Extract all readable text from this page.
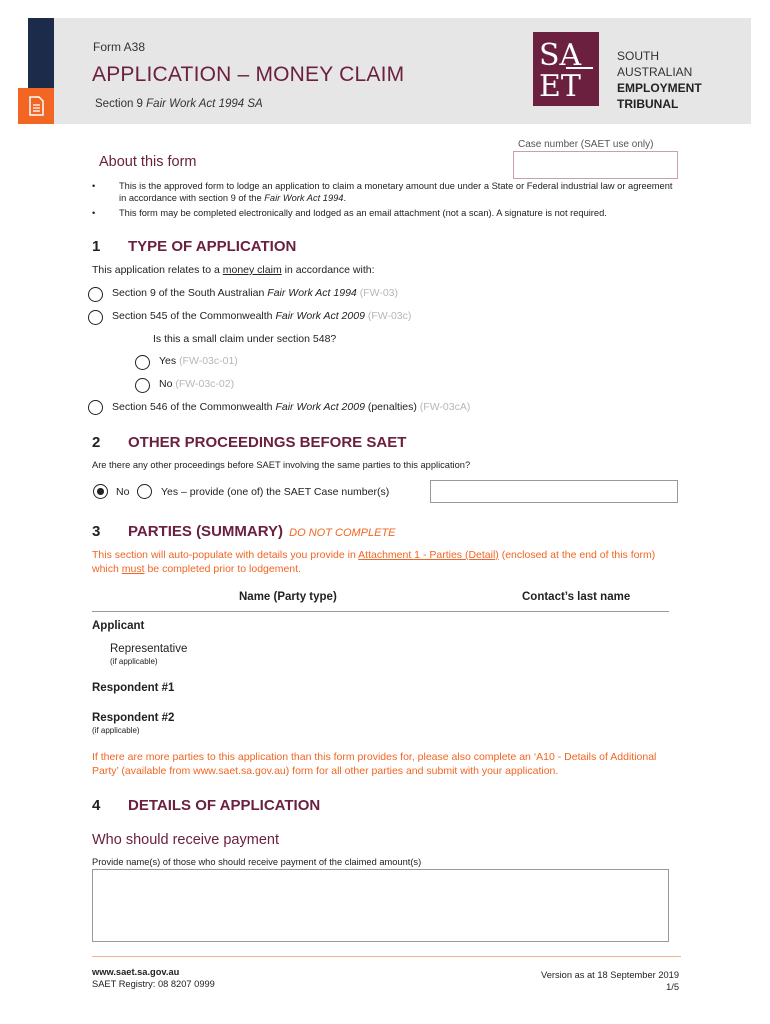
Form A38
APPLICATION – MONEY CLAIM
Section 9 Fair Work Act 1994 SA
SA
ET
SOUTH
AUSTRALIAN
EMPLOYMENT
TRIBUNAL
Case number (SAET use only)
About this form
• This is the approved form to lodge an application to claim a monetary amount due under a State or Federal industrial law or agreement in accordance with section 9 of the Fair Work Act 1994.
• This form may be completed electronically and lodged as an email attachment (not a scan). A signature is not required.
1 TYPE OF APPLICATION
This application relates to a money claim in accordance with:
Section 9 of the South Australian Fair Work Act 1994 (FW-03)
Section 545 of the Commonwealth Fair Work Act 2009 (FW-03c)
Is this a small claim under section 548?
Yes (FW-03c-01)
No (FW-03c-02)
Section 546 of the Commonwealth Fair Work Act 2009 (penalties) (FW-03cA)
2 OTHER PROCEEDINGS BEFORE SAET
Are there any other proceedings before SAET involving the same parties to this application?
No	Yes – provide (one of) the SAET Case number(s)
3 PARTIES (SUMMARY) DO NOT COMPLETE
This section will auto-populate with details you provide in Attachment 1 - Parties (Detail) (enclosed at the end of this form) which must be completed prior to lodgement.
Name (Party type)	Contact’s last name
Applicant
Representative
(if applicable)
Respondent #1
Respondent #2
(if applicable)
If there are more parties to this application than this form provides for, please also complete an ‘A10 - Details of Additional Party’ (available from www.saet.sa.gov.au) form for all other parties and submit with your application.
4 DETAILS OF APPLICATION
Who should receive payment
Provide name(s) of those who should receive payment of the claimed amount(s)
www.saet.sa.gov.au
SAET Registry: 08 8207 0999
Version as at 18 September 2019
1/5
